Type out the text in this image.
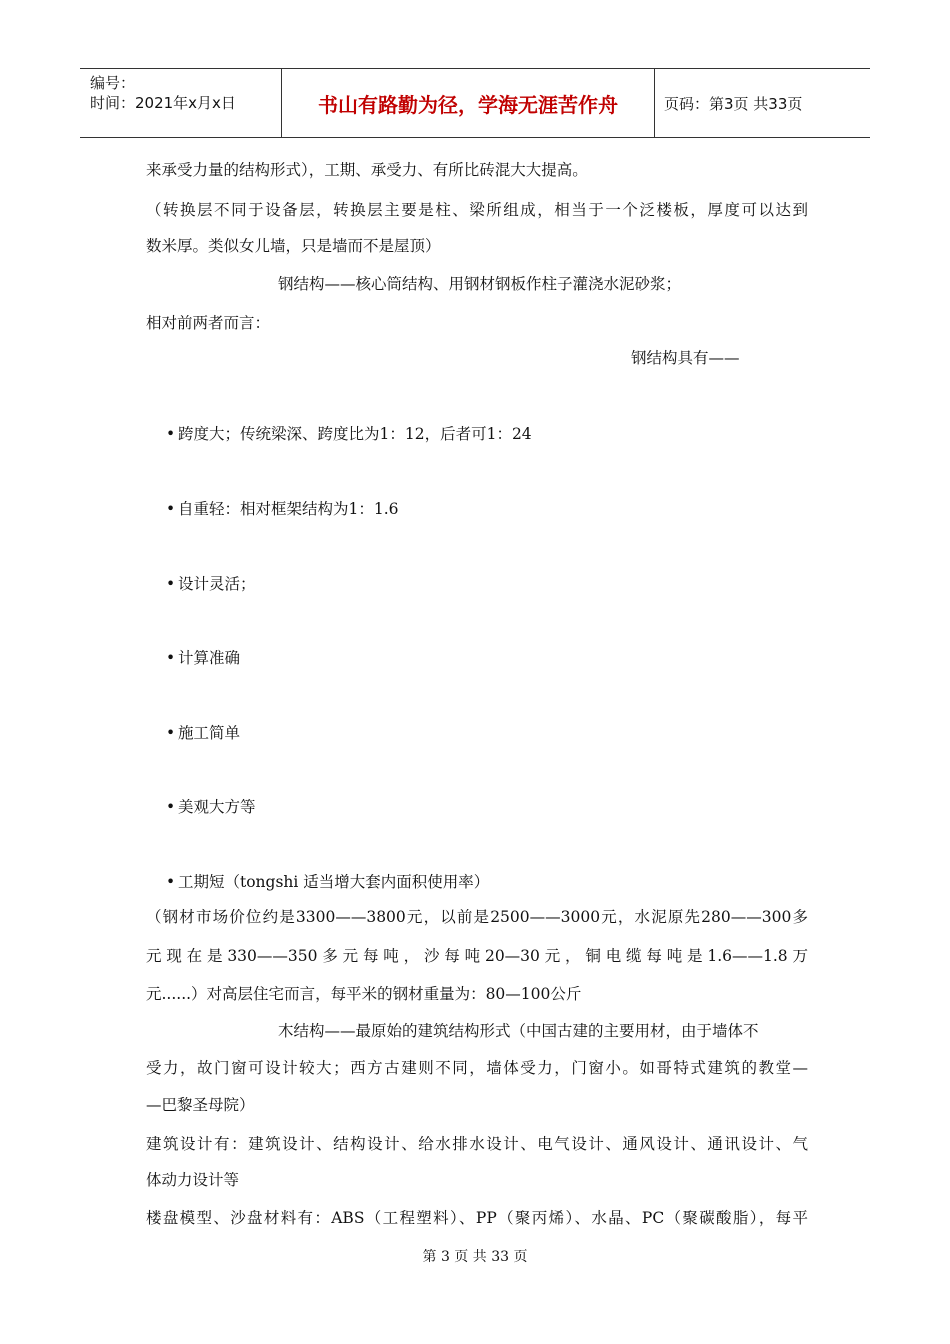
编号：
时间：2021年x月x日	书山有路勤为径，学海无涯苦作舟	页码：第3页 共33页
来承受力量的结构形式），工期、承受力、有所比砖混大大提高。
（转换层不同于设备层，转换层主要是柱、梁所组成，相当于一个泛楼板，厚度可以达到
数米厚。类似女儿墙，只是墙而不是屋顶）
钢结构——核心筒结构、用钢材钢板作柱子灌浇水泥砂浆；
相对前两者而言：
钢结构具有——
• 跨度大；传统梁深、跨度比为1：12，后者可1：24
• 自重轻：相对框架结构为1：1.6
• 设计灵活；
• 计算准确
• 施工简单
• 美观大方等
• 工期短（tongshi 适当增大套内面积使用率）
（钢材市场价位约是3300——3800元，以前是2500——3000元，水泥原先280——300多
元现在是330——350多元每吨，沙每吨20—30元，铜电缆每吨是1.6——1.8万
元......）对高层住宅而言，每平米的钢材重量为：80—100公斤
木结构——最原始的建筑结构形式（中国古建的主要用材，由于墙体不
受力，故门窗可设计较大；西方古建则不同，墙体受力，门窗小。如哥特式建筑的教堂—
—巴黎圣母院）
建筑设计有：建筑设计、结构设计、给水排水设计、电气设计、通风设计、通讯设计、气
体动力设计等
楼盘模型、沙盘材料有：ABS（工程塑料）、PP（聚丙烯）、水晶、PC（聚碳酸脂），每平
第 3 页 共 33 页
